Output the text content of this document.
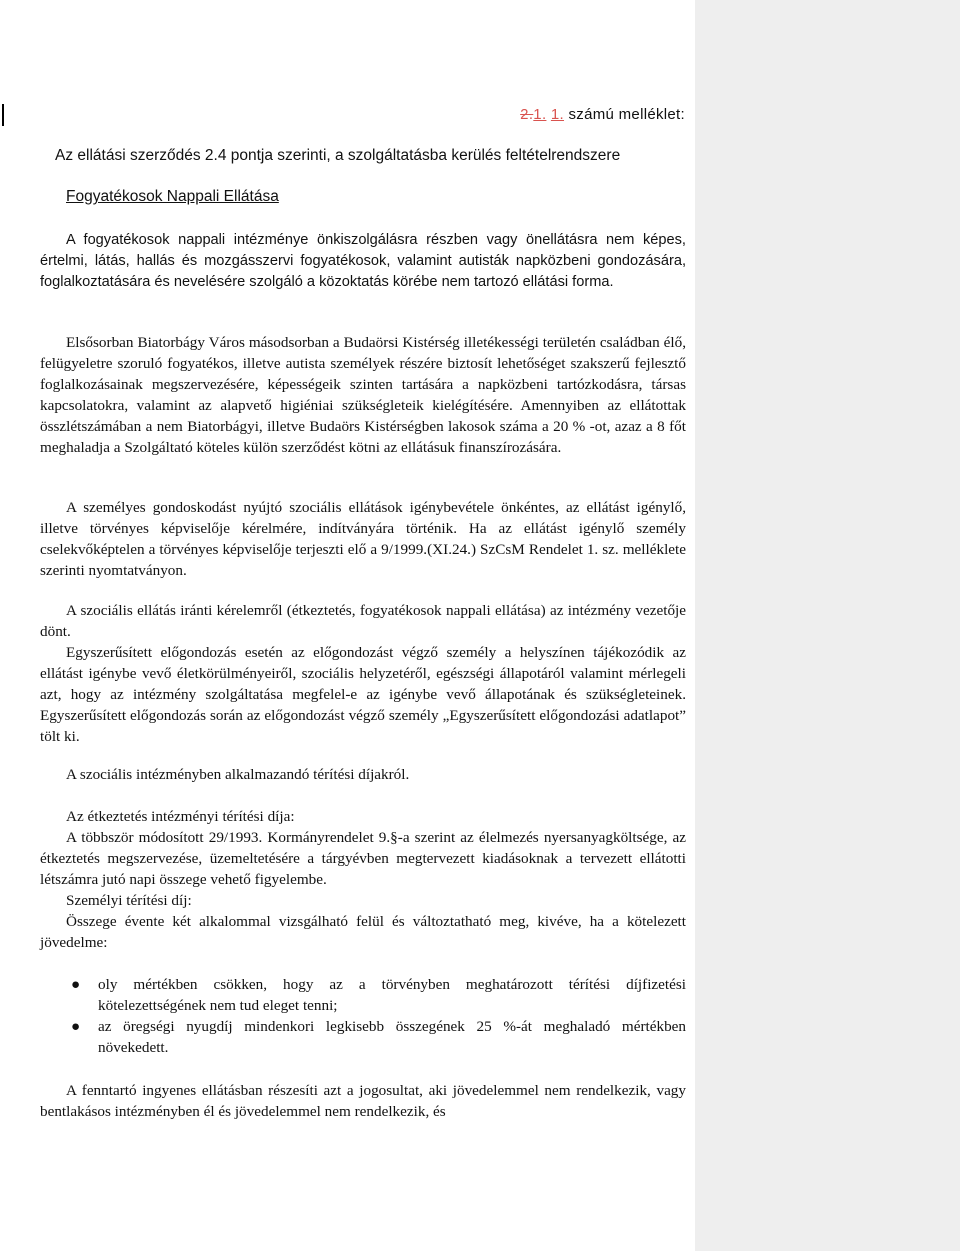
2.1. 1. számú melléklet:
Az ellátási szerződés 2.4 pontja szerinti, a szolgáltatásba kerülés feltételrendszere
Fogyatékosok Nappali Ellátása

A fogyatékosok nappali intézménye önkiszolgálásra részben vagy önellátásra nem képes, értelmi, látás, hallás és mozgásszervi fogyatékosok, valamint autisták napközbeni gondozására, foglalkoztatására és nevelésére szolgáló a közoktatás körébe nem tartozó ellátási forma.

Elsősorban Biatorbágy Város másodsorban a Budaörsi Kistérség illetékességi területén családban élő, felügyeletre szoruló fogyatékos, illetve autista személyek részére biztosít lehetőséget szakszerű fejlesztő foglalkozásainak megszervezésére, képességeik szinten tartására a napközbeni tartózkodásra, társas kapcsolatokra, valamint az alapvető higiéniai szükségleteik kielégítésére. Amennyiben az ellátottak összlétszámában a nem Biatorbágyi, illetve Budaörs Kistérségben lakosok száma a 20 % -ot, azaz a 8 főt meghaladja a Szolgáltató köteles külön szerződést kötni az ellátásuk finanszírozására.

A személyes gondoskodást nyújtó szociális ellátások igénybevétele önkéntes, az ellátást igénylő, illetve törvényes képviselője kérelmére, indítványára történik. Ha az ellátást igénylő személy cselekvőképtelen a törvényes képviselője terjeszti elő a 9/1999.(XI.24.) SzCsM Rendelet 1. sz. melléklete szerinti nyomtatványon.

A szociális ellátás iránti kérelemről (étkeztetés, fogyatékosok nappali ellátása) az intézmény vezetője dönt.

Egyszerűsített előgondozás esetén az előgondozást végző személy a helyszínen tájékozódik az ellátást igénybe vevő életkörülményeiről, szociális helyzetéről, egészségi állapotáról valamint mérlegeli azt, hogy az intézmény szolgáltatása megfelel-e az igénybe vevő állapotának és szükségleteinek. Egyszerűsített előgondozás során az előgondozást végző személy „Egyszerűsített előgondozási adatlapot” tölt ki.

A szociális intézményben alkalmazandó térítési díjakról.

Az étkeztetés intézményi térítési díja:

A többször módosított 29/1993. Kormányrendelet 9.§-a szerint az élelmezés nyersanyagköltsége, az étkeztetés megszervezése, üzemeltetésére a tárgyévben megtervezett kiadásoknak a tervezett ellátotti létszámra jutó napi összege vehető figyelembe.

Személyi térítési díj:

Összege évente két alkalommal vizsgálható felül és változtatható meg, kivéve, ha a kötelezett jövedelme:

● oly mértékben csökken, hogy az a törvényben meghatározott térítési díjfizetési kötelezettségének nem tud eleget tenni;
● az öregségi nyugdíj mindenkori legkisebb összegének 25 %-át meghaladó mértékben növekedett.

A fenntartó ingyenes ellátásban részesíti azt a jogosultat, aki jövedelemmel nem rendelkezik, vagy bentlakásos intézményben él és jövedelemmel nem rendelkezik, és
